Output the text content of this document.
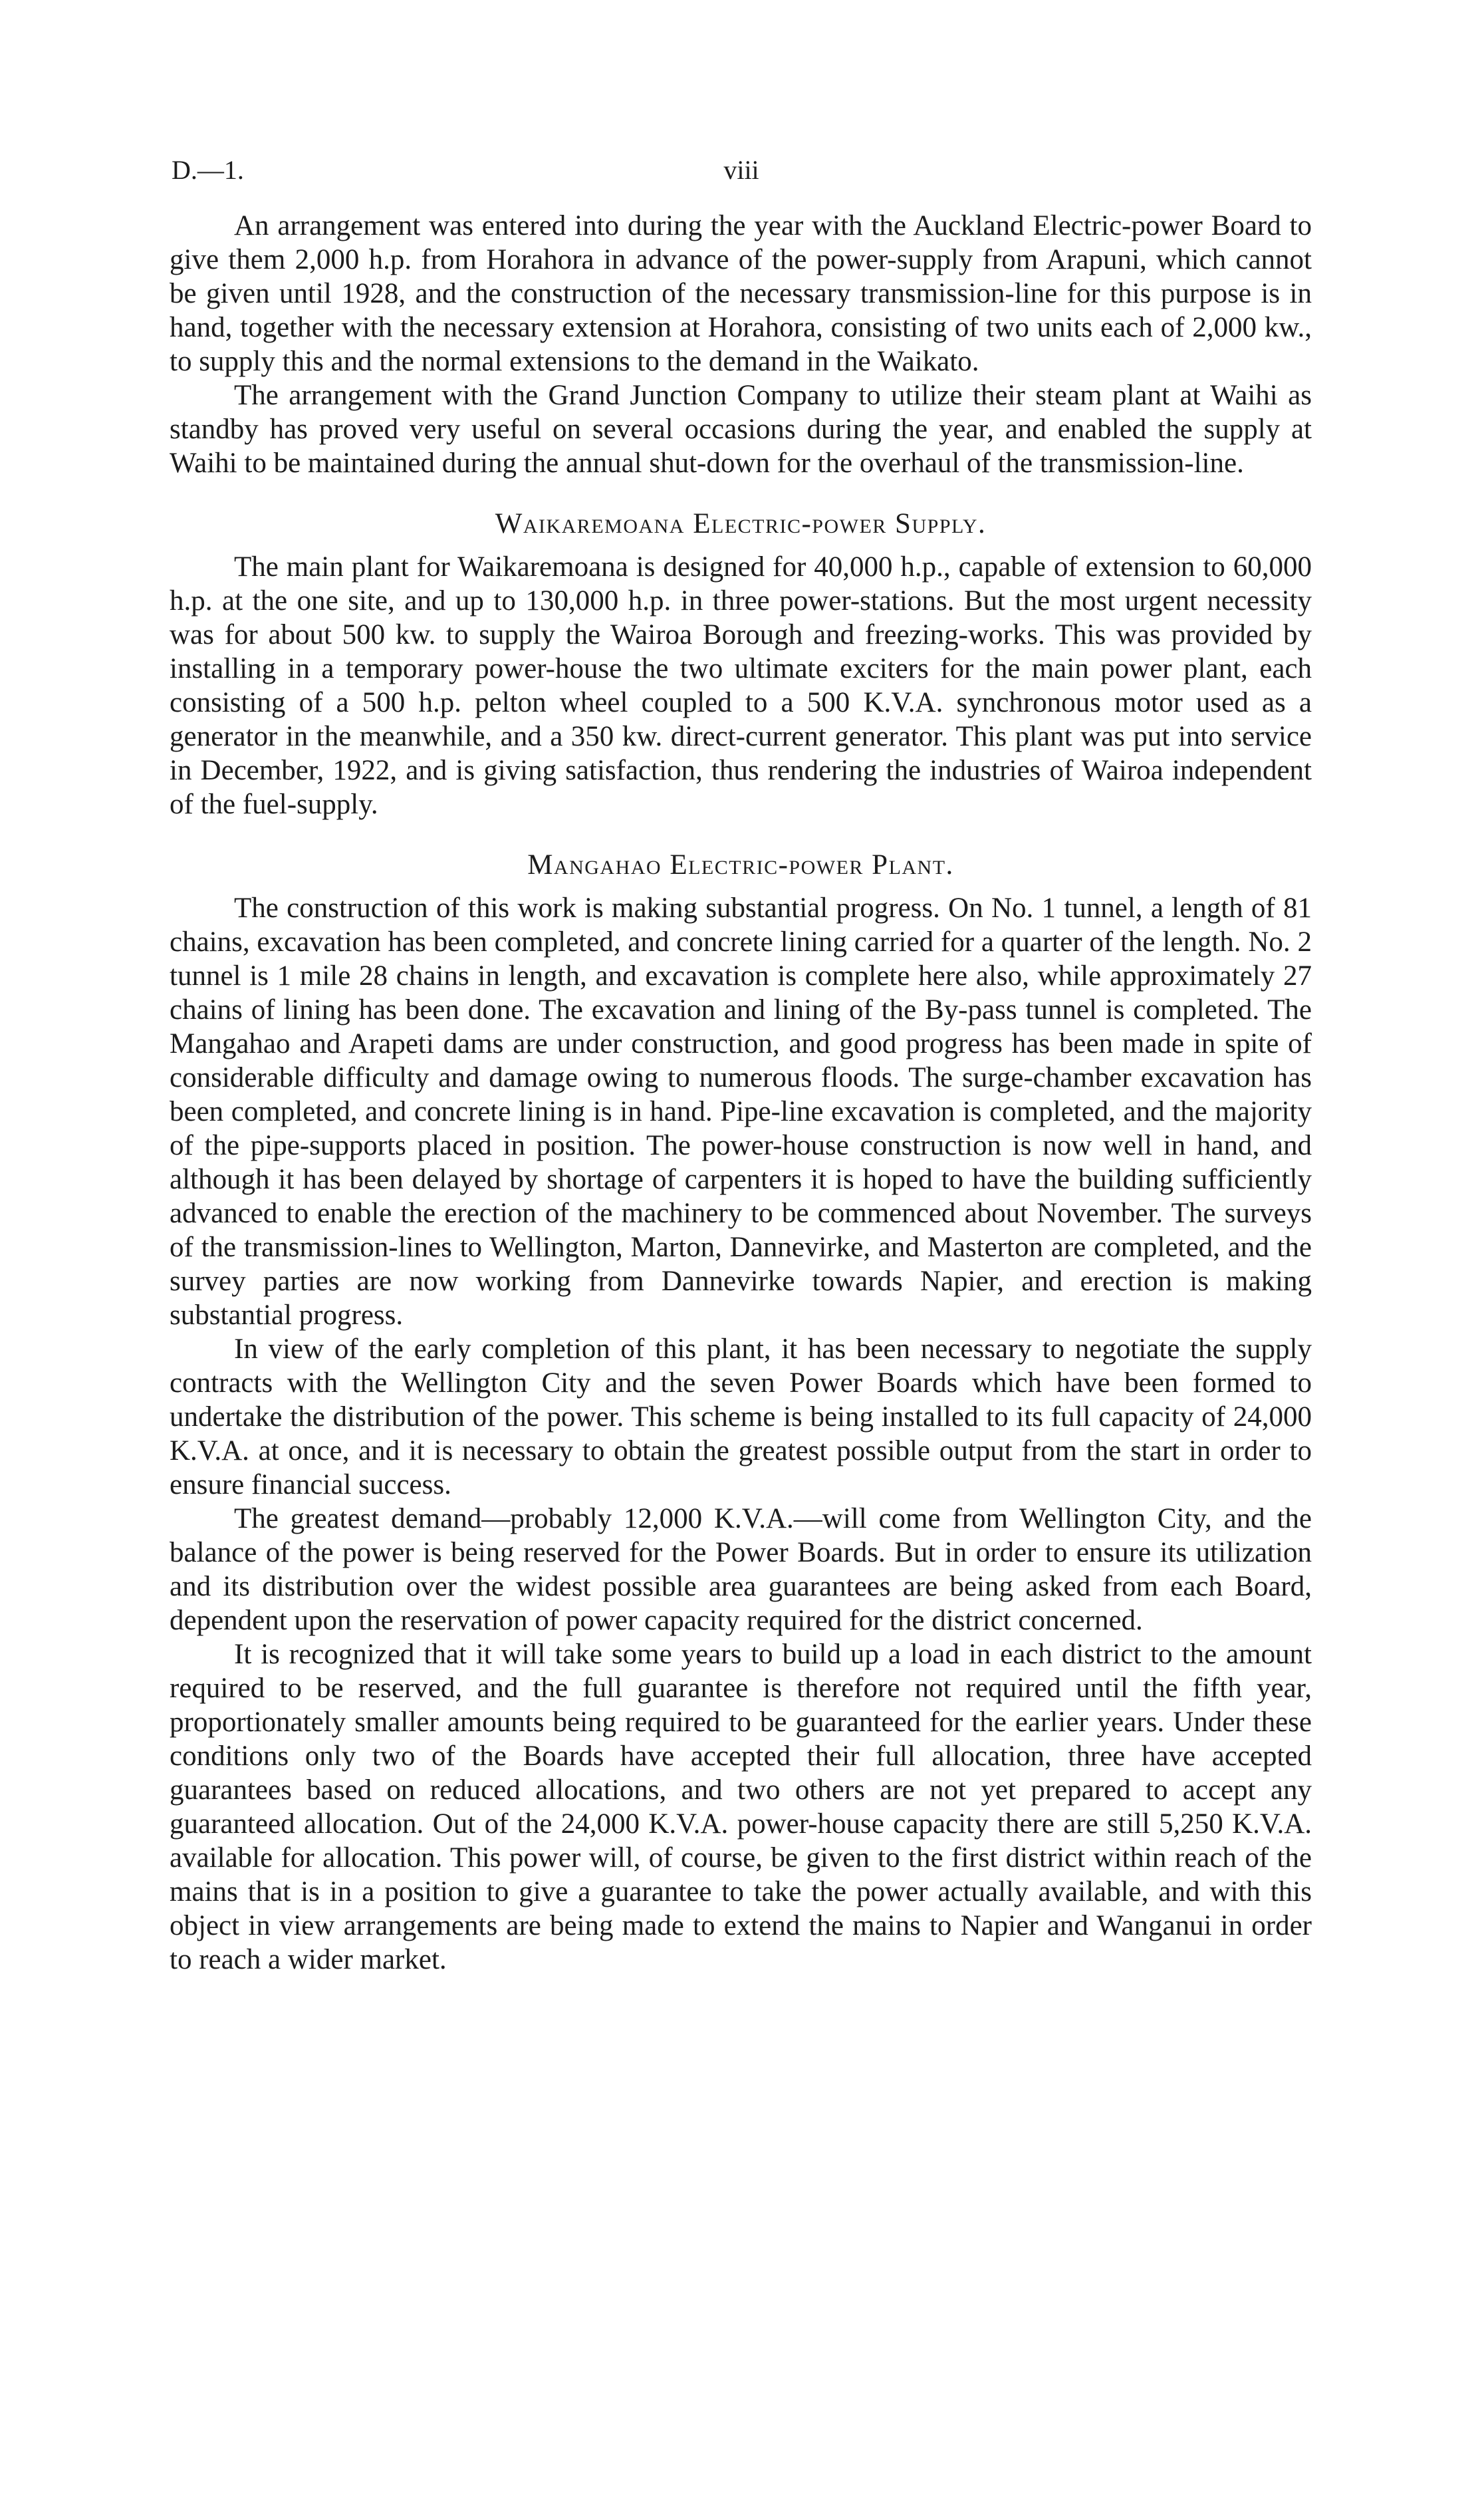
D.—1.	viii

An arrangement was entered into during the year with the Auckland Electric-power Board to give them 2,000 h.p. from Horahora in advance of the power-supply from Arapuni, which cannot be given until 1928, and the construction of the necessary transmission-line for this purpose is in hand, together with the necessary extension at Horahora, consisting of two units each of 2,000 kw., to supply this and the normal extensions to the demand in the Waikato.

The arrangement with the Grand Junction Company to utilize their steam plant at Waihi as standby has proved very useful on several occasions during the year, and enabled the supply at Waihi to be maintained during the annual shut-down for the overhaul of the transmission-line.

Waikaremoana Electric-power Supply.

The main plant for Waikaremoana is designed for 40,000 h.p., capable of extension to 60,000 h.p. at the one site, and up to 130,000 h.p. in three power-stations. But the most urgent necessity was for about 500 kw. to supply the Wairoa Borough and freezing-works. This was provided by installing in a temporary power-house the two ultimate exciters for the main power plant, each consisting of a 500 h.p. pelton wheel coupled to a 500 K.V.A. synchronous motor used as a generator in the meanwhile, and a 350 kw. direct-current generator. This plant was put into service in December, 1922, and is giving satisfaction, thus rendering the industries of Wairoa independent of the fuel-supply.

Mangahao Electric-power Plant.

The construction of this work is making substantial progress. On No. 1 tunnel, a length of 81 chains, excavation has been completed, and concrete lining carried for a quarter of the length. No. 2 tunnel is 1 mile 28 chains in length, and excavation is complete here also, while approximately 27 chains of lining has been done. The excavation and lining of the By-pass tunnel is completed. The Mangahao and Arapeti dams are under construction, and good progress has been made in spite of considerable difficulty and damage owing to numerous floods. The surge-chamber excavation has been completed, and concrete lining is in hand. Pipe-line excavation is completed, and the majority of the pipe-supports placed in position. The power-house construction is now well in hand, and although it has been delayed by shortage of carpenters it is hoped to have the building sufficiently advanced to enable the erection of the machinery to be commenced about November. The surveys of the transmission-lines to Wellington, Marton, Dannevirke, and Masterton are completed, and the survey parties are now working from Dannevirke towards Napier, and erection is making substantial progress.

In view of the early completion of this plant, it has been necessary to negotiate the supply contracts with the Wellington City and the seven Power Boards which have been formed to undertake the distribution of the power. This scheme is being installed to its full capacity of 24,000 K.V.A. at once, and it is necessary to obtain the greatest possible output from the start in order to ensure financial success.

The greatest demand—probably 12,000 K.V.A.—will come from Wellington City, and the balance of the power is being reserved for the Power Boards. But in order to ensure its utilization and its distribution over the widest possible area guarantees are being asked from each Board, dependent upon the reservation of power capacity required for the district concerned.

It is recognized that it will take some years to build up a load in each district to the amount required to be reserved, and the full guarantee is therefore not required until the fifth year, proportionately smaller amounts being required to be guaranteed for the earlier years. Under these conditions only two of the Boards have accepted their full allocation, three have accepted guarantees based on reduced allocations, and two others are not yet prepared to accept any guaranteed allocation. Out of the 24,000 K.V.A. power-house capacity there are still 5,250 K.V.A. available for allocation. This power will, of course, be given to the first district within reach of the mains that is in a position to give a guarantee to take the power actually available, and with this object in view arrangements are being made to extend the mains to Napier and Wanganui in order to reach a wider market.
